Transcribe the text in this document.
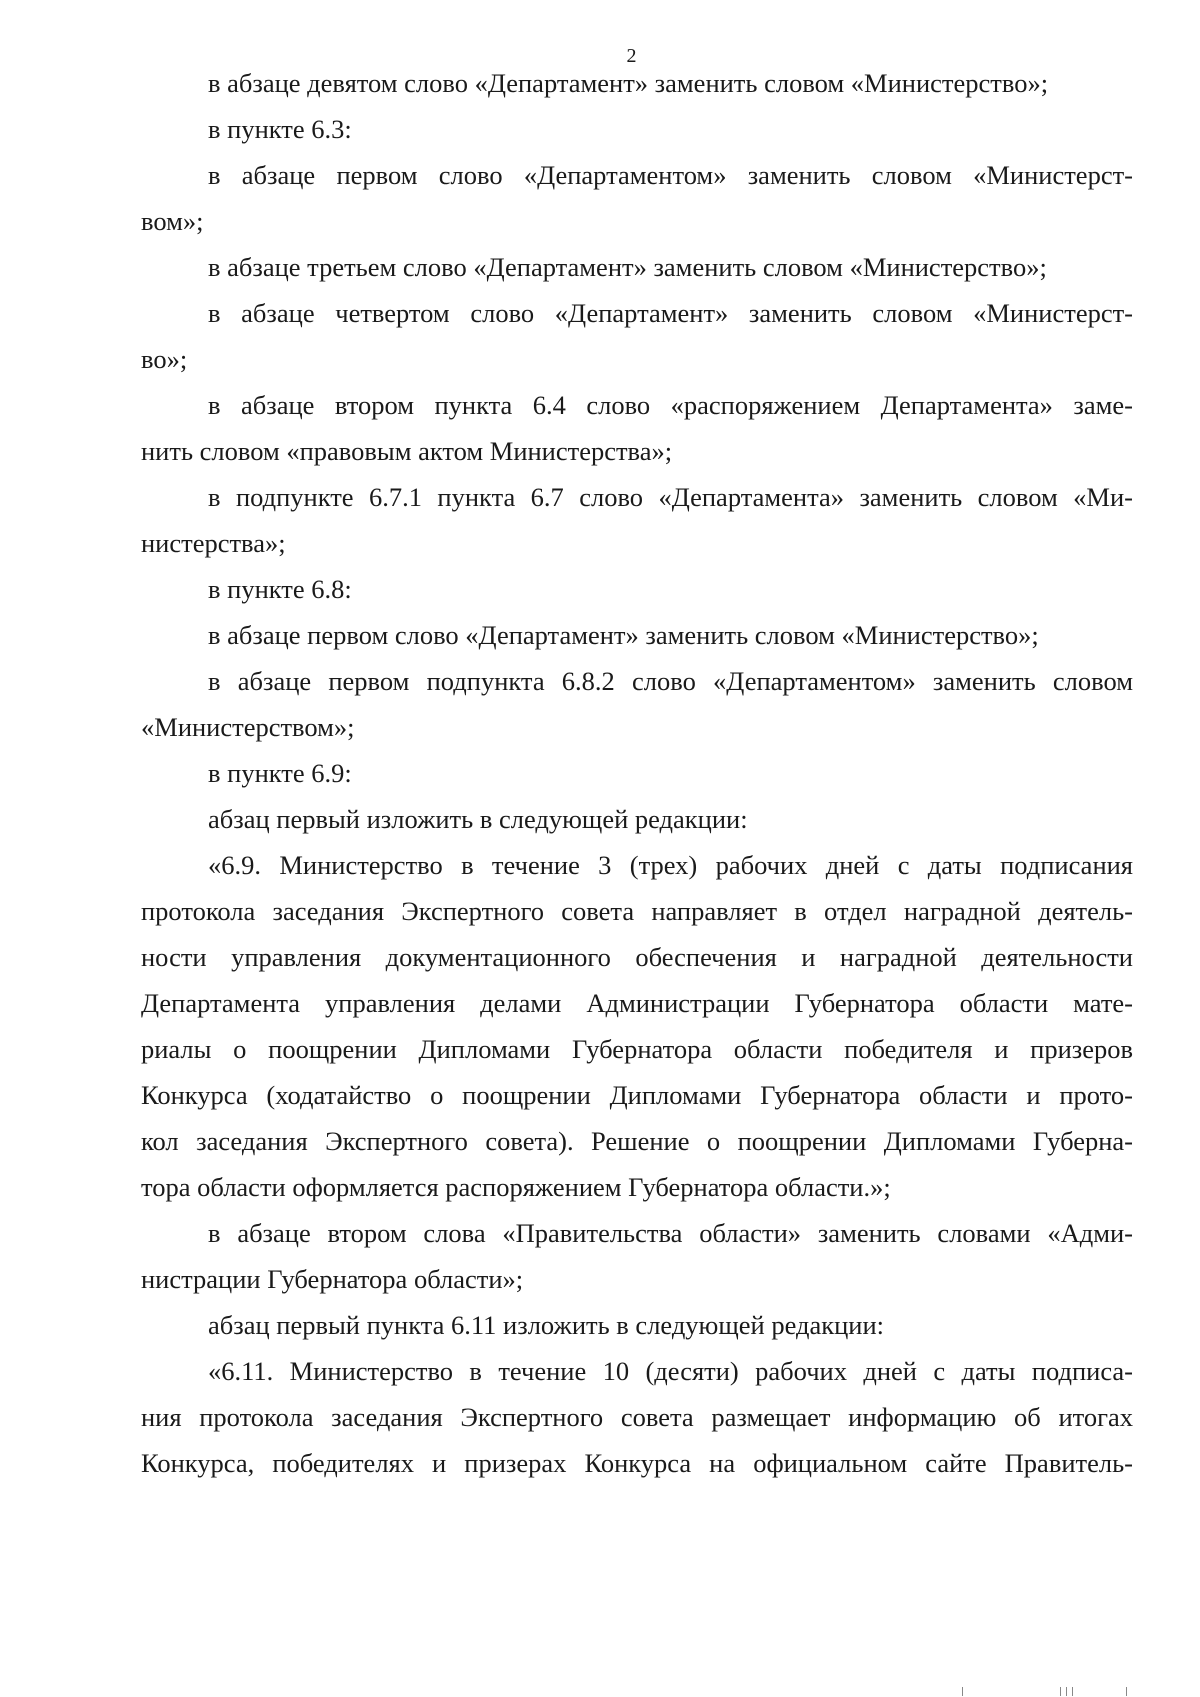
2
в абзаце девятом слово «Департамент» заменить словом «Министерство»;
в пункте 6.3:
в абзаце первом слово «Департаментом» заменить словом «Министерст-
вом»;
в абзаце третьем слово «Департамент» заменить словом «Министерство»;
в абзаце четвертом слово «Департамент» заменить словом «Министерст-
во»;
в абзаце втором пункта 6.4 слово «распоряжением Департамента» заме-
нить словом «правовым актом Министерства»;
в подпункте 6.7.1 пункта 6.7 слово «Департамента» заменить словом «Ми-
нистерства»;
в пункте 6.8:
в абзаце первом слово «Департамент» заменить словом «Министерство»;
в абзаце первом подпункта 6.8.2 слово «Департаментом» заменить словом
«Министерством»;
в пункте 6.9:
абзац первый изложить в следующей редакции:
«6.9. Министерство в течение 3 (трех) рабочих дней с даты подписания
протокола заседания Экспертного совета направляет в отдел наградной деятель-
ности управления документационного обеспечения и наградной деятельности
Департамента управления делами Администрации Губернатора области мате-
риалы о поощрении Дипломами Губернатора области победителя и призеров
Конкурса (ходатайство о поощрении Дипломами Губернатора области и прото-
кол заседания Экспертного совета). Решение о поощрении Дипломами Губерна-
тора области оформляется распоряжением Губернатора области.»;
в абзаце втором слова «Правительства области» заменить словами «Адми-
нистрации Губернатора области»;
абзац первый пункта 6.11 изложить в следующей редакции:
«6.11. Министерство в течение 10 (десяти) рабочих дней с даты подписа-
ния протокола заседания Экспертного совета размещает информацию об итогах
Конкурса, победителях и призерах Конкурса на официальном сайте Правитель-
